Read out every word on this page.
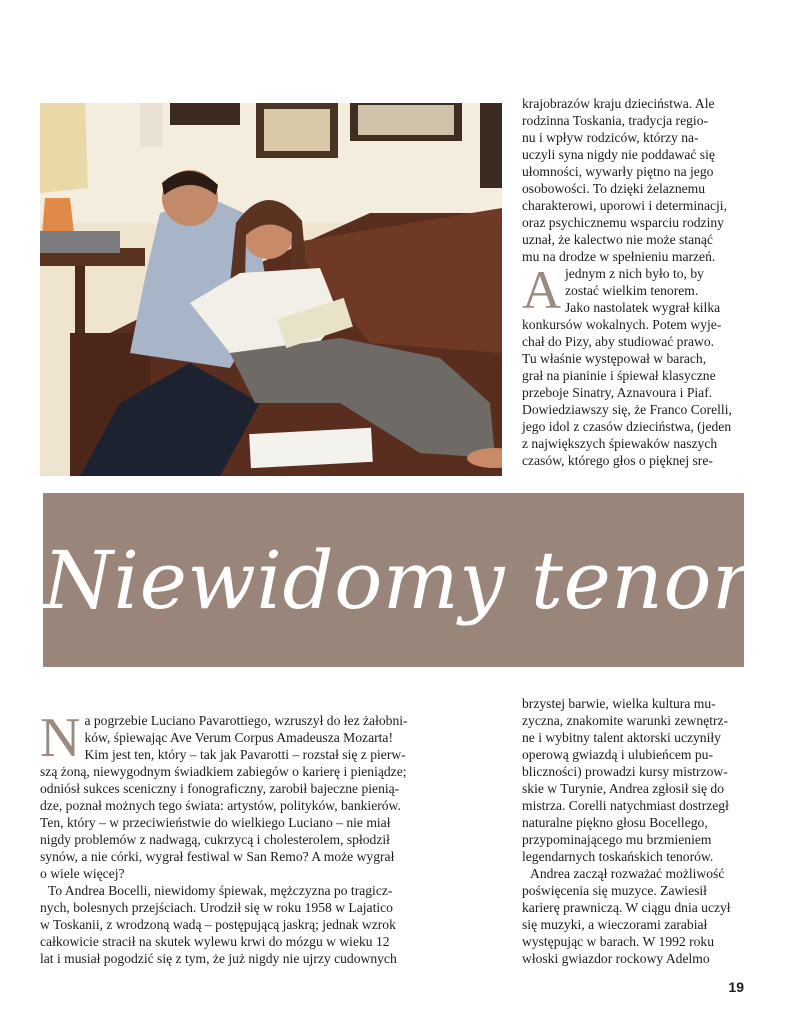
krajobrazów kraju dzieciństwa. Ale
rodzinna Toskania, tradycja regio-
nu i wpływ rodziców, którzy na-
uczyli syna nigdy nie poddawać się
ułomności, wywarły piętno na jego
osobowości. To dzięki żelaznemu
charakterowi, uporowi i determinacji,
oraz psychicznemu wsparciu rodziny
uznał, że kalectwo nie może stanąć
mu na drodze w spełnieniu marzeń.
A jednym z nich było to, by
zostać wielkim tenorem.
Jako nastolatek wygrał kilka
konkursów wokalnych. Potem wyje-
chał do Pizy, aby studiować prawo.
Tu właśnie występował w barach,
grał na pianinie i śpiewał klasyczne
przeboje Sinatry, Aznavoura i Piaf.
Dowiedziawszy się, że Franco Corelli,
jego idol z czasów dzieciństwa, (jeden
z największych śpiewaków naszych
czasów, którego głos o pięknej sre-
Niewidomy tenor
N a pogrzebie Luciano Pavarottiego, wzruszył do łez żałobni-
ków, śpiewając Ave Verum Corpus Amadeusza Mozarta!
Kim jest ten, który – tak jak Pavarotti – rozstał się z pierw-
szą żoną, niewygodnym świadkiem zabiegów o karierę i pieniądze;
odniósł sukces sceniczny i fonograficzny, zarobił bajeczne pienią-
dze, poznał możnych tego świata: artystów, polityków, bankierów.
Ten, który – w przeciwieństwie do wielkiego Luciano – nie miał
nigdy problemów z nadwagą, cukrzycą i cholesterolem, spłodził
synów, a nie córki, wygrał festiwal w San Remo? A może wygrał
o wiele więcej?
To Andrea Bocelli, niewidomy śpiewak, mężczyzna po tragicz-
nych, bolesnych przejściach. Urodził się w roku 1958 w Lajatico
w Toskanii, z wrodzoną wadą – postępującą jaskrą; jednak wzrok
całkowicie stracił na skutek wylewu krwi do mózgu w wieku 12
lat i musiał pogodzić się z tym, że już nigdy nie ujrzy cudownych
brzystej barwie, wielka kultura mu-
zyczna, znakomite warunki zewnętrz-
ne i wybitny talent aktorski uczyniły
operową gwiazdą i ulubieńcem pu-
bliczności) prowadzi kursy mistrzow-
skie w Turynie, Andrea zgłosił się do
mistrza. Corelli natychmiast dostrzegł
naturalne piękno głosu Bocellego,
przypominającego mu brzmieniem
legendarnych toskańskich tenorów.
Andrea zaczął rozważać możliwość
poświęcenia się muzyce. Zawiesił
karierę prawniczą. W ciągu dnia uczył
się muzyki, a wieczorami zarabiał
występując w barach. W 1992 roku
włoski gwiazdor rockowy Adelmo
19
